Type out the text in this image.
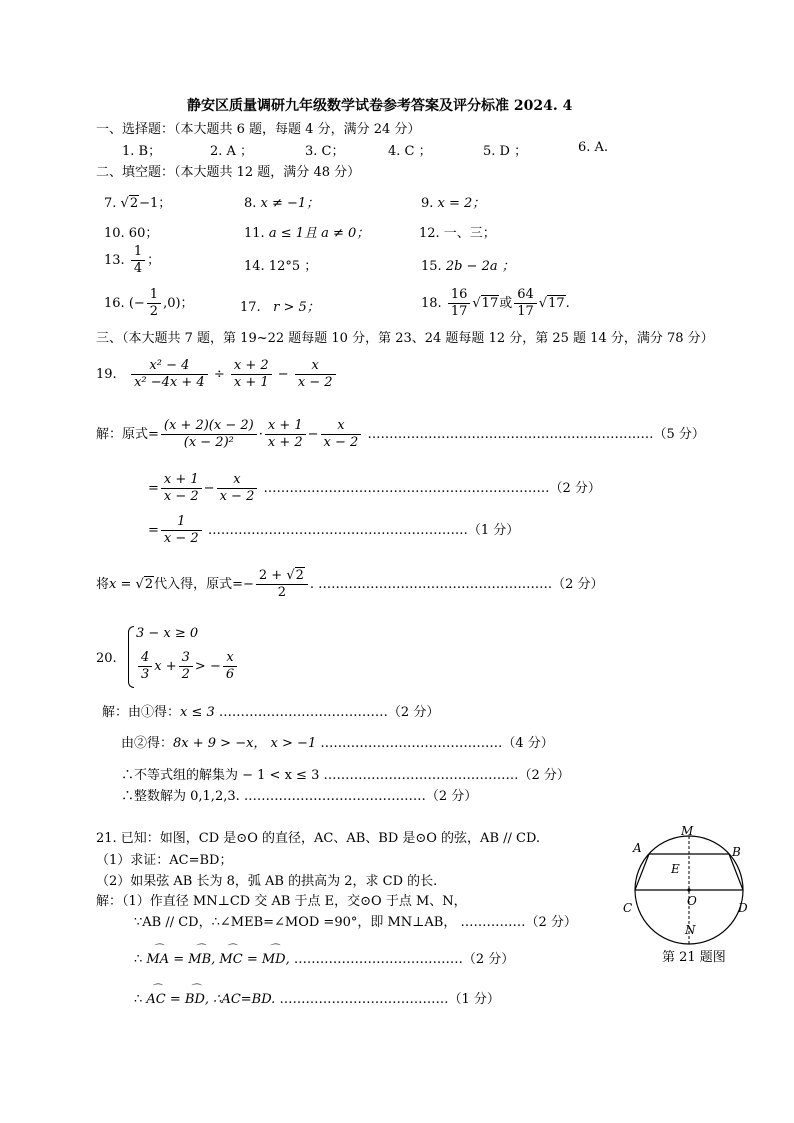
静安区质量调研九年级数学试卷参考答案及评分标准 2024. 4
一、选择题：（本大题共 6 题，每题 4 分，满分 24 分）
1. B；	2. A ；	3. C；	4. C ；	5. D ；	6. A.
二、填空题：（本大题共 12 题，满分 48 分）
7. √2−1；	8. x ≠ −1；	9. x = 2；
10. 60；	11. a ≤ 1且 a ≠ 0；	12. 一、三；
13. $\frac{1}{4}$ ；	14. 12°5 ；	15. 2b − 2a ；
16. (− $\frac{1}{2} ,0$)；	17. r > 5；	18. $\frac{16}{17} √17$或 $\frac{64}{17} √17$.
三、（本大题共 7 题，第 19~22 题每题 10 分，第 23、24 题每题 12 分，第 25 题 14 分，满分 78 分）
19. $\frac{\text{x² − 4}}{\text{x² −4x + 4}} \div \frac{x + 2}{x + 1} - \frac{x}{x - 2}$
解：原式= $\frac{(x + 2)(x - 2)}{\text{(x − 2)²}} \cdot \frac{x + 1}{x + 2} - \frac{x}{x - 2}$ …………………………………………………………（5 分）
= $\frac{x + 1}{x - 2} - \frac{x}{x - 2}$ …………………………………………………………（2 分）
= $\frac{1}{x - 2}$ ……………………………………………………（1 分）
将x = √2代入得，原式=− $\frac{2 + √2}{2}$ . ………………………………………………（2 分）
20.
3 − x ≥ 0
$\frac{4}{3}$ $x + \frac{3}{2}$ > − $\frac{x}{6}$
解：由①得：x ≤ 3 …………………………………（2 分）
由②得：8x + 9 > −x， x > −1 ……………………………………（4 分）
∴不等式组的解集为 − 1 < x ≤ 3 ………………………………………（2 分）
∴整数解为 0,1,2,3. ……………………………………（2 分）
21. 已知：如图，CD 是⊙O 的直径，AC、AB、BD 是⊙O 的弦，AB // CD.
（1）求证：AC=BD；
（2）如果弦 AB 长为 8，弧 AB 的拱高为 2，求 CD 的长.
解：（1）作直径 MN⊥CD 交 AB 于点 E，交⊙O 于点 M、N，
∵AB // CD，∴∠MEB=∠MOD =90°，即 MN⊥AB， ……………（2 分）
∴ ⌒ MA = ⌒ MB, ⌒ MC = ⌒ MD, …………………………………（2 分）
∴ ⌒ AC = ⌒ BD, ∴AC=BD. …………………………………（1 分）
M
A	B
E
C	O	D
N
第 21 题图
